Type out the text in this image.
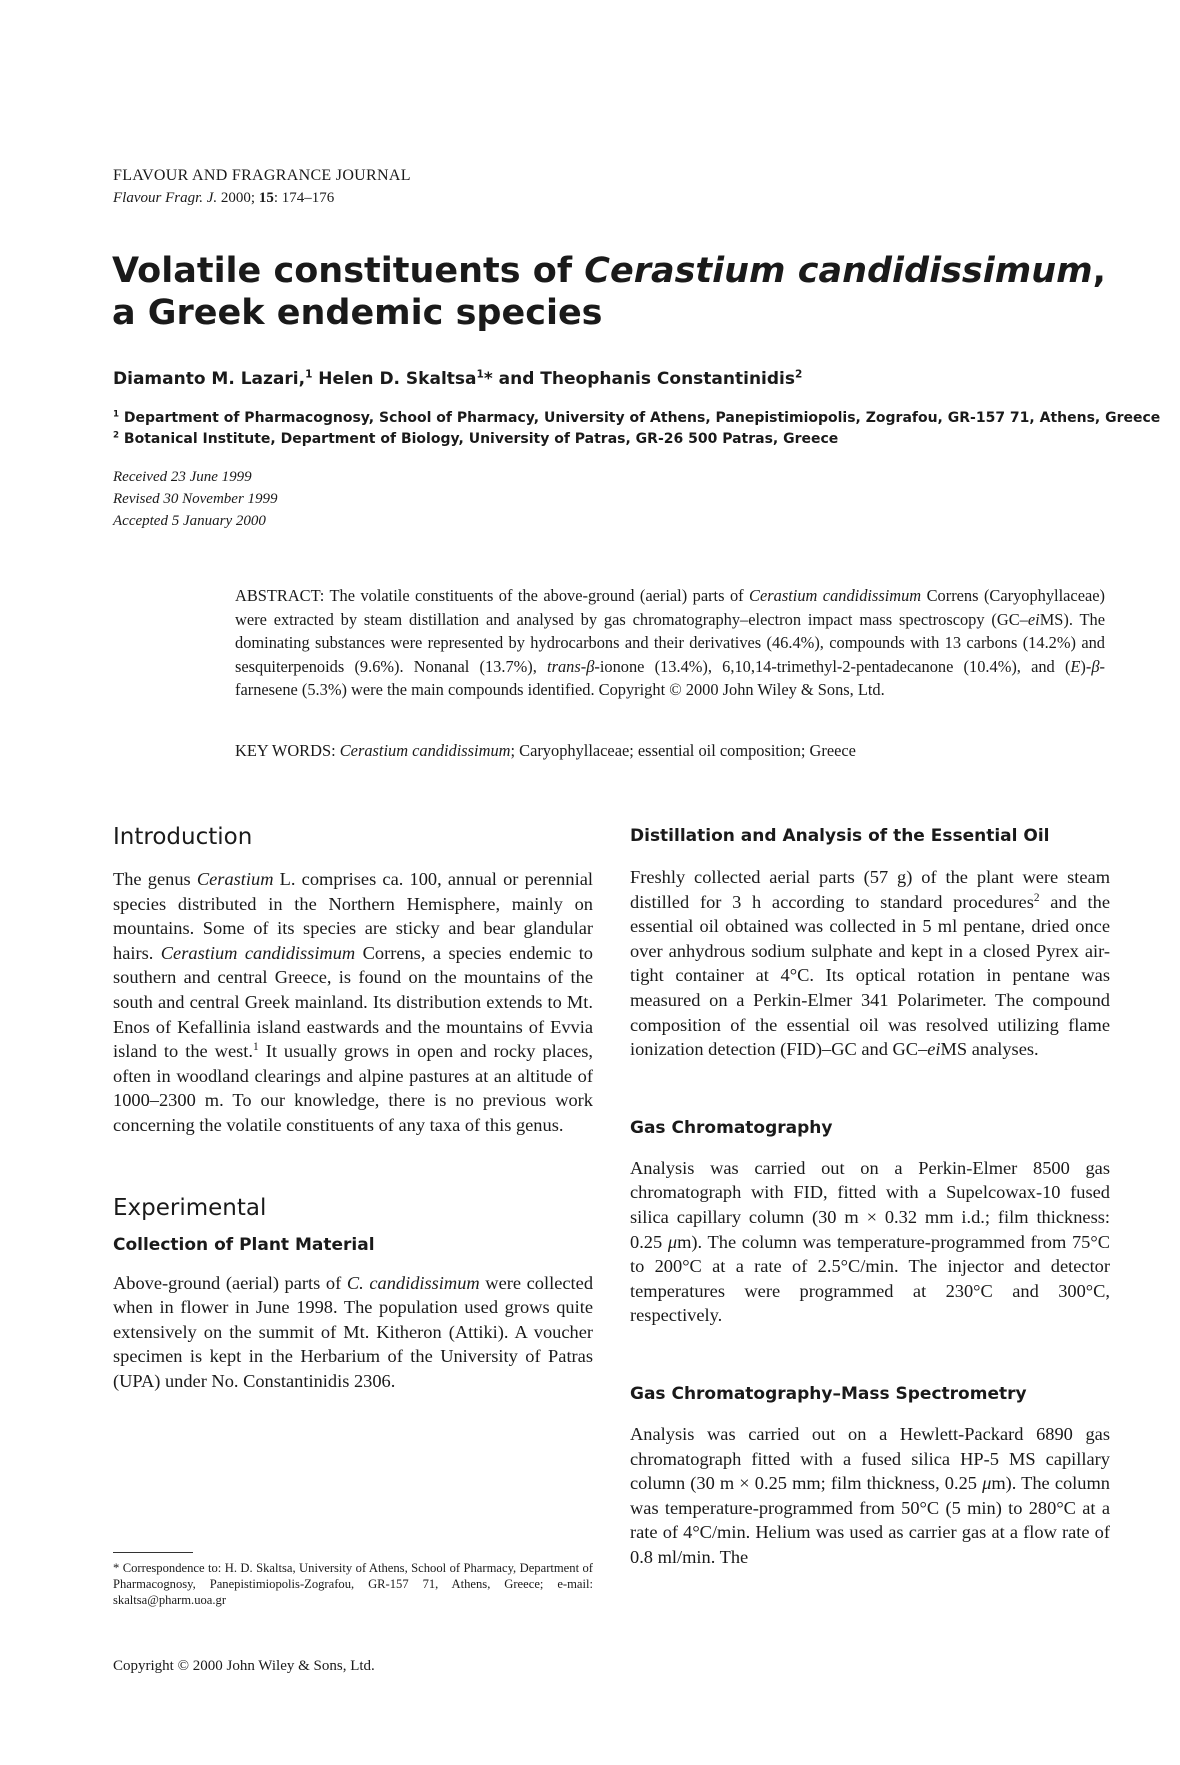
FLAVOUR AND FRAGRANCE JOURNAL
Flavour Fragr. J. 2000; 15: 174–176
Volatile constituents of Cerastium candidissimum, a Greek endemic species
Diamanto M. Lazari,$^1$ Helen D. Skaltsa$^1$* and Theophanis Constantinidis$^2$
$^1$ Department of Pharmacognosy, School of Pharmacy, University of Athens, Panepistimiopolis, Zografou, GR-157 71, Athens, Greece
$^2$ Botanical Institute, Department of Biology, University of Patras, GR-26 500 Patras, Greece
Received 23 June 1999
Revised 30 November 1999
Accepted 5 January 2000
ABSTRACT: The volatile constituents of the above-ground (aerial) parts of Cerastium candidissimum Correns (Caryophyllaceae) were extracted by steam distillation and analysed by gas chromatography–electron impact mass spectroscopy (GC–eiMS). The dominating substances were represented by hydrocarbons and their derivatives (46.4%), compounds with 13 carbons (14.2%) and sesquiterpenoids (9.6%). Nonanal (13.7%), trans-β-ionone (13.4%), 6,10,14-trimethyl-2-pentadecanone (10.4%), and (E)-β-farnesene (5.3%) were the main compounds identified. Copyright © 2000 John Wiley & Sons, Ltd.
KEY WORDS: Cerastium candidissimum; Caryophyllaceae; essential oil composition; Greece
Introduction

The genus Cerastium L. comprises ca. 100, annual or perennial species distributed in the Northern Hemisphere, mainly on mountains. Some of its species are sticky and bear glandular hairs. Cerastium candidissimum Correns, a species endemic to southern and central Greece, is found on the mountains of the south and central Greek mainland. Its distribution extends to Mt. Enos of Kefallinia island eastwards and the mountains of Evvia island to the west.$^1$ It usually grows in open and rocky places, often in woodland clearings and alpine pastures at an altitude of 1000–2300 m. To our knowledge, there is no previous work concerning the volatile constituents of any taxa of this genus.

Experimental
Collection of Plant Material

Above-ground (aerial) parts of C. candidissimum were collected when in flower in June 1998. The population used grows quite extensively on the summit of Mt. Kitheron (Attiki). A voucher specimen is kept in the Herbarium of the University of Patras (UPA) under No. Constantinidis 2306.

Distillation and Analysis of the Essential Oil

Freshly collected aerial parts (57 g) of the plant were steam distilled for 3 h according to standard procedures$^2$ and the essential oil obtained was collected in 5 ml pentane, dried once over anhydrous sodium sulphate and kept in a closed Pyrex air-tight container at 4°C. Its optical rotation in pentane was measured on a Perkin-Elmer 341 Polarimeter. The compound composition of the essential oil was resolved utilizing flame ionization detection (FID)–GC and GC–eiMS analyses.

Gas Chromatography

Analysis was carried out on a Perkin-Elmer 8500 gas chromatograph with FID, fitted with a Supelcowax-10 fused silica capillary column (30 m × 0.32 mm i.d.; film thickness: 0.25 μm). The column was temperature-programmed from 75°C to 200°C at a rate of 2.5°C/min. The injector and detector temperatures were programmed at 230°C and 300°C, respectively.

Gas Chromatography–Mass Spectrometry

Analysis was carried out on a Hewlett-Packard 6890 gas chromatograph fitted with a fused silica HP-5 MS capillary column (30 m × 0.25 mm; film thickness, 0.25 μm). The column was temperature-programmed from 50°C (5 min) to 280°C at a rate of 4°C/min. Helium was used as carrier gas at a flow rate of 0.8 ml/min. The

* Correspondence to: H. D. Skaltsa, University of Athens, School of Pharmacy, Department of Pharmacognosy, Panepistimiopolis-Zografou, GR-157 71, Athens, Greece; e-mail: skaltsa@pharm.uoa.gr
Copyright © 2000 John Wiley & Sons, Ltd.
